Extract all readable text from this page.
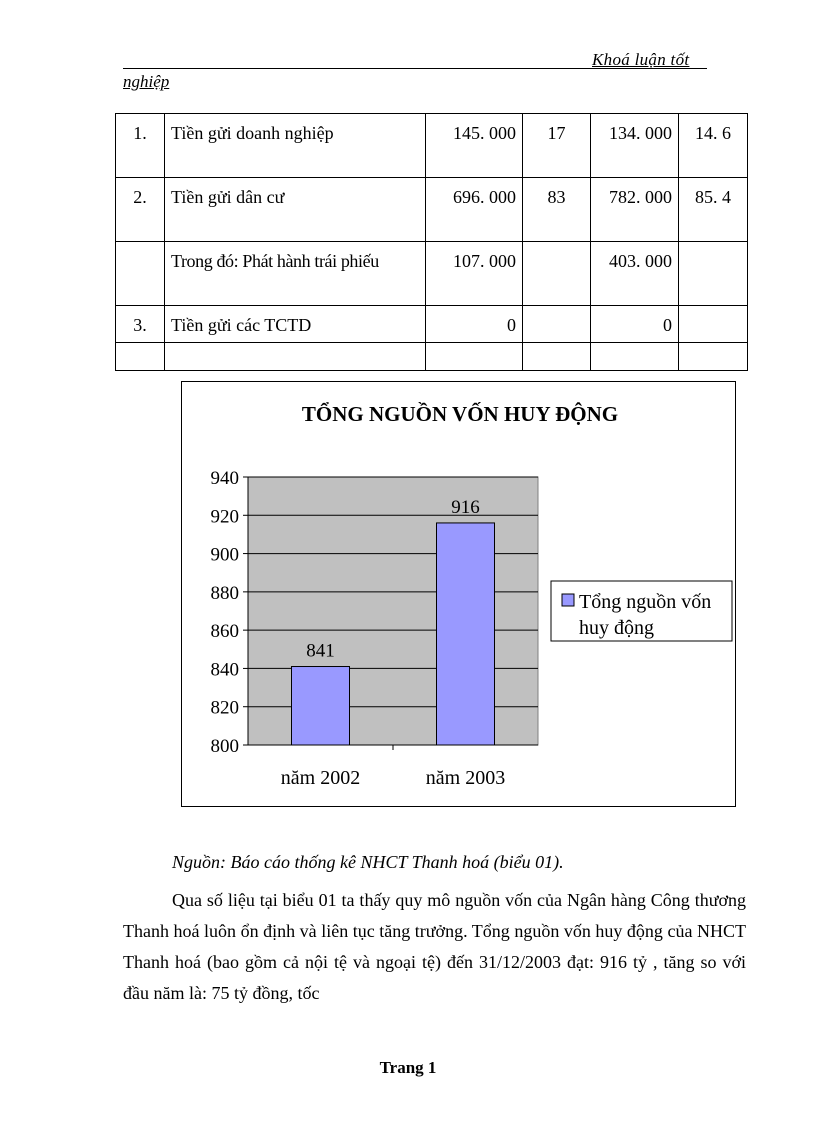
Khoá luận tốt
nghiệp
1.	Tiền gửi doanh nghiệp	145. 000	17	134. 000	14. 6
2.	Tiền gửi dân cư	696. 000	83	782. 000	85. 4
	Trong đó: Phát hành trái phiếu	107. 000		403. 000	
3.	Tiền gửi các TCTD	0		0	

TỔNG NGUỒN VỐN HUY ĐỘNG
841
916
800
820
840
860
880
900
920
940
năm 2002	năm 2003
Tổng nguồn vốn
huy động
Nguồn: Báo cáo thống kê NHCT Thanh hoá (biểu 01).

Qua số liệu tại biểu 01 ta thấy quy mô nguồn vốn của Ngân hàng Công thương Thanh hoá luôn ổn định và liên tục tăng trưởng. Tổng nguồn vốn huy động của NHCT Thanh hoá (bao gồm cả nội tệ và ngoại tệ) đến 31/12/2003 đạt: 916 tỷ , tăng so với đầu năm là: 75 tỷ đồng, tốc

Trang 1
